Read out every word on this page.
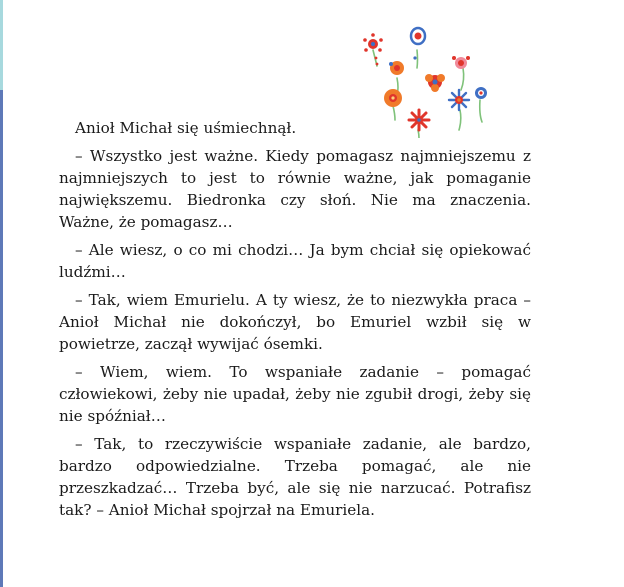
Anioł Michał się uśmiechnął.

– Wszystko jest ważne. Kiedy pomagasz najmniejszemu z najmniejszych to jest to równie ważne, jak pomaganie największemu. Biedronka czy słoń. Nie ma znaczenia. Ważne, że pomagasz…

– Ale wiesz, o co mi chodzi… Ja bym chciał się opiekować ludźmi…

– Tak, wiem Emurielu. A ty wiesz, że to niezwykła praca – Anioł Michał nie dokończył, bo Emuriel wzbił się w powietrze, zaczął wywijać ósemki.

– Wiem, wiem. To wspaniałe zadanie – pomagać człowiekowi, żeby nie upadał, żeby nie zgubił drogi, żeby się nie spóźniał…

– Tak, to rzeczywiście wspaniałe zadanie, ale bardzo, bardzo odpowiedzialne. Trzeba pomagać, ale nie przeszkadzać… Trzeba być, ale się nie narzucać. Potrafisz tak? – Anioł Michał spojrzał na Emuriela.
